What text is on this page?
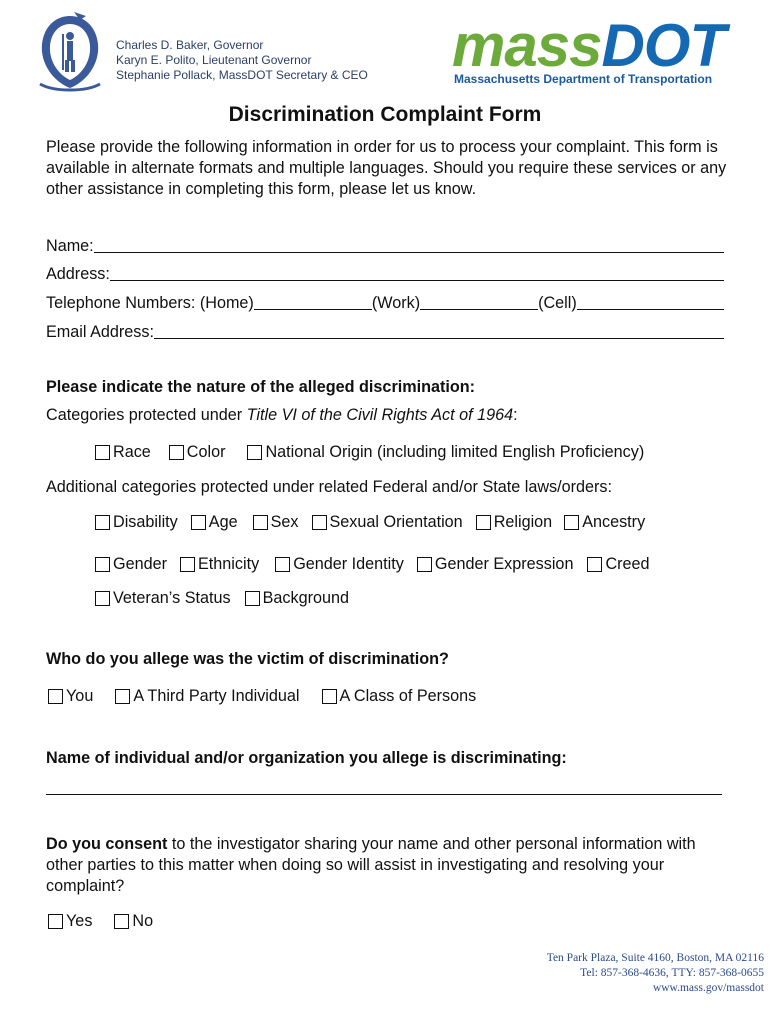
Charles D. Baker, Governor
Karyn E. Polito, Lieutenant Governor
Stephanie Pollack, MassDOT Secretary & CEO massDOT
Massachusetts Department of Transportation
Discrimination Complaint Form
Please provide the following information in order for us to process your complaint. This form is available in alternate formats and multiple languages. Should you require these services or any other assistance in completing this form, please let us know.
Name:
Address:
Telephone Numbers: (Home)	(Work)	(Cell)
Email Address:
Please indicate the nature of the alleged discrimination:
Categories protected under Title VI of the Civil Rights Act of 1964:
Race Color National Origin (including limited English Proficiency)
Additional categories protected under related Federal and/or State laws/orders:
Disability Age Sex Sexual Orientation Religion Ancestry
Gender Ethnicity Gender Identity Gender Expression Creed
Veteran’s Status Background
Who do you allege was the victim of discrimination?
You A Third Party Individual A Class of Persons
Name of individual and/or organization you allege is discriminating:
Do you consent to the investigator sharing your name and other personal information with other parties to this matter when doing so will assist in investigating and resolving your complaint?
Yes No
Ten Park Plaza, Suite 4160, Boston, MA 02116
Tel: 857-368-4636, TTY: 857-368-0655
www.mass.gov/massdot
